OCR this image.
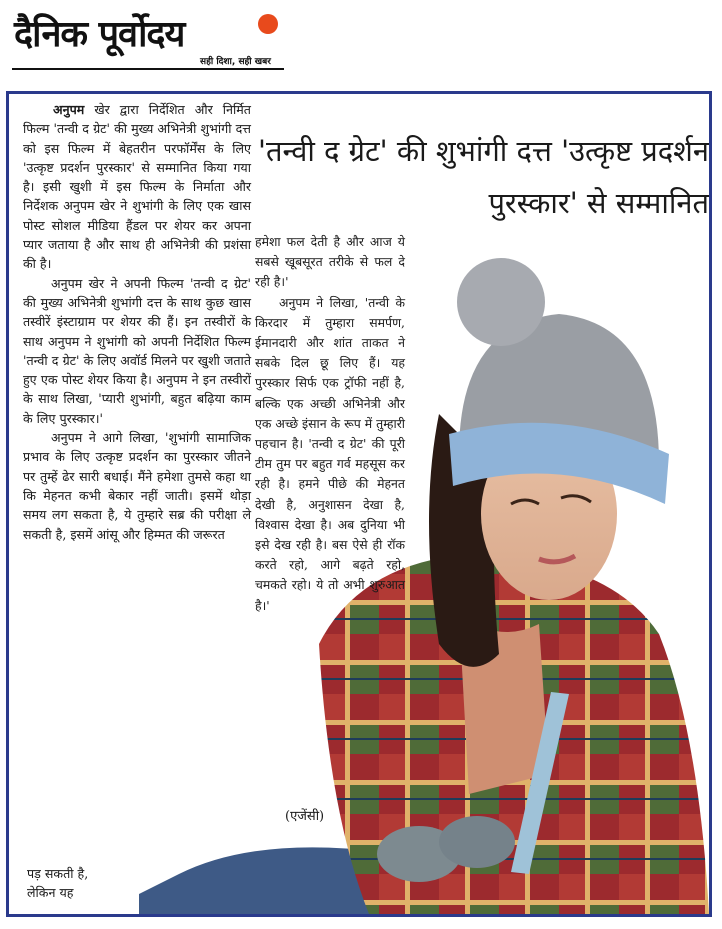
दैनिक पूर्वोदय
सही दिशा, सही खबर
'तन्वी द ग्रेट' की शुभांगी दत्त 'उत्कृष्ट प्रदर्शन पुरस्कार' से सम्मानित

अनुपम खेर द्वारा निर्देशित और निर्मित फिल्म 'तन्वी द ग्रेट' की मुख्य अभिनेत्री शुभांगी दत्त को इस फिल्म में बेहतरीन परफॉर्मेंस के लिए 'उत्कृष्ट प्रदर्शन पुरस्कार' से सम्मानित किया गया है। इसी खुशी में इस फिल्म के निर्माता और निर्देशक अनुपम खेर ने शुभांगी के लिए एक खास पोस्ट सोशल मीडिया हैंडल पर शेयर कर अपना प्यार जताया है और साथ ही अभिनेत्री की प्रशंसा की है।

अनुपम खेर ने अपनी फिल्म 'तन्वी द ग्रेट' की मुख्य अभिनेत्री शुभांगी दत्त के साथ कुछ खास तस्वीरें इंस्टाग्राम पर शेयर की हैं। इन तस्वीरों के साथ अनुपम ने शुभांगी को अपनी निर्देशित फिल्म 'तन्वी द ग्रेट' के लिए अवॉर्ड मिलने पर खुशी जताते हुए एक पोस्ट शेयर किया है। अनुपम ने इन तस्वीरों के साथ लिखा, 'प्यारी शुभांगी, बहुत बढ़िया काम के लिए पुरस्कार।'

अनुपम ने आगे लिखा, 'शुभांगी सामाजिक प्रभाव के लिए उत्कृष्ट प्रदर्शन का पुरस्कार जीतने पर तुम्हें ढेर सारी बधाई। मैंने हमेशा तुमसे कहा था कि मेहनत कभी बेकार नहीं जाती। इसमें थोड़ा समय लग सकता है, ये तुम्हारे सब्र की परीक्षा ले सकती है, इसमें आंसू और हिम्मत की जरूरत

पड़ सकती है,
लेकिन यह

हमेशा फल देती है और आज ये सबसे खूबसूरत तरीके से फल दे रही है।'

अनुपम ने लिखा, 'तन्वी के किरदार में तुम्हारा समर्पण, ईमानदारी और शांत ताकत ने सबके दिल छू लिए हैं। यह पुरस्कार सिर्फ एक ट्रॉफी नहीं है, बल्कि एक अच्छी अभिनेत्री और एक अच्छे इंसान के रूप में तुम्हारी पहचान है। 'तन्वी द ग्रेट' की पूरी टीम तुम पर बहुत गर्व महसूस कर रही है। हमने पीछे की मेहनत देखी है, अनुशासन देखा है, विश्वास देखा है। अब दुनिया भी इसे देख रही है। बस ऐसे ही रॉक करते रहो, आगे बढ़ते रहो, चमकते रहो। ये तो अभी शुरुआत है।'

(एजेंसी)
